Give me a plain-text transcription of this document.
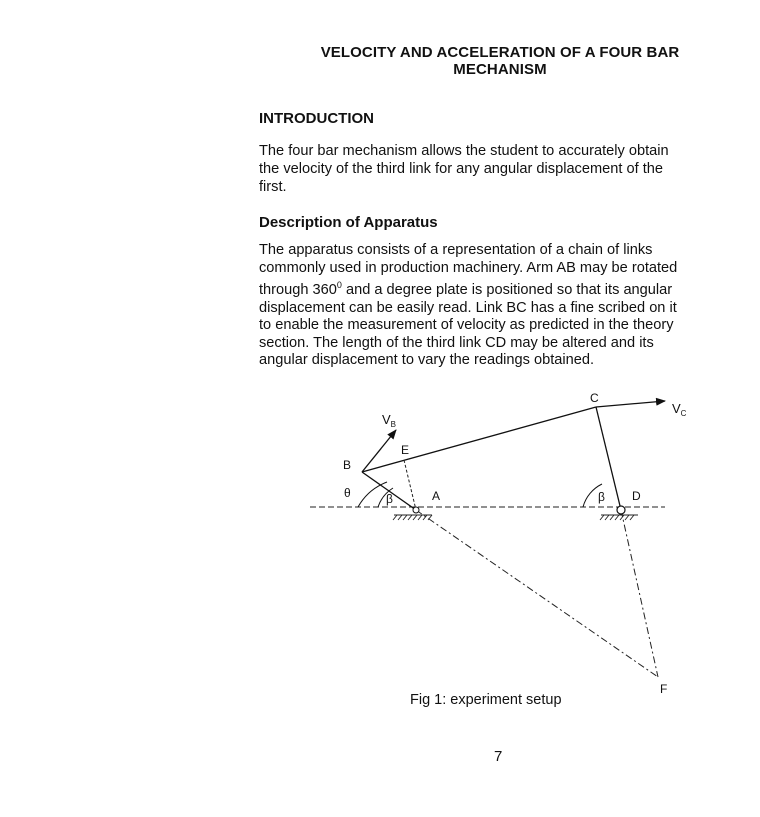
VELOCITY AND ACCELERATION OF A FOUR BAR
MECHANISM
INTRODUCTION
The four bar mechanism allows the student to accurately obtain
the velocity of the third link for any angular displacement of the
first.
Description of Apparatus
The apparatus consists of a representation of a chain of links
commonly used in production machinery. Arm AB may be rotated
through $360^0$ and a degree plate is positioned so that its angular
displacement can be easily read. Link BC has a fine scribed on it
to enable the measurement of velocity as predicted in the theory
section. The length of the third link CD may be altered and its
angular displacement to vary the readings obtained.
$V_B$
$V_C$
B
C
E
A	D
F
θ	β	β
Fig 1: experiment setup
7
